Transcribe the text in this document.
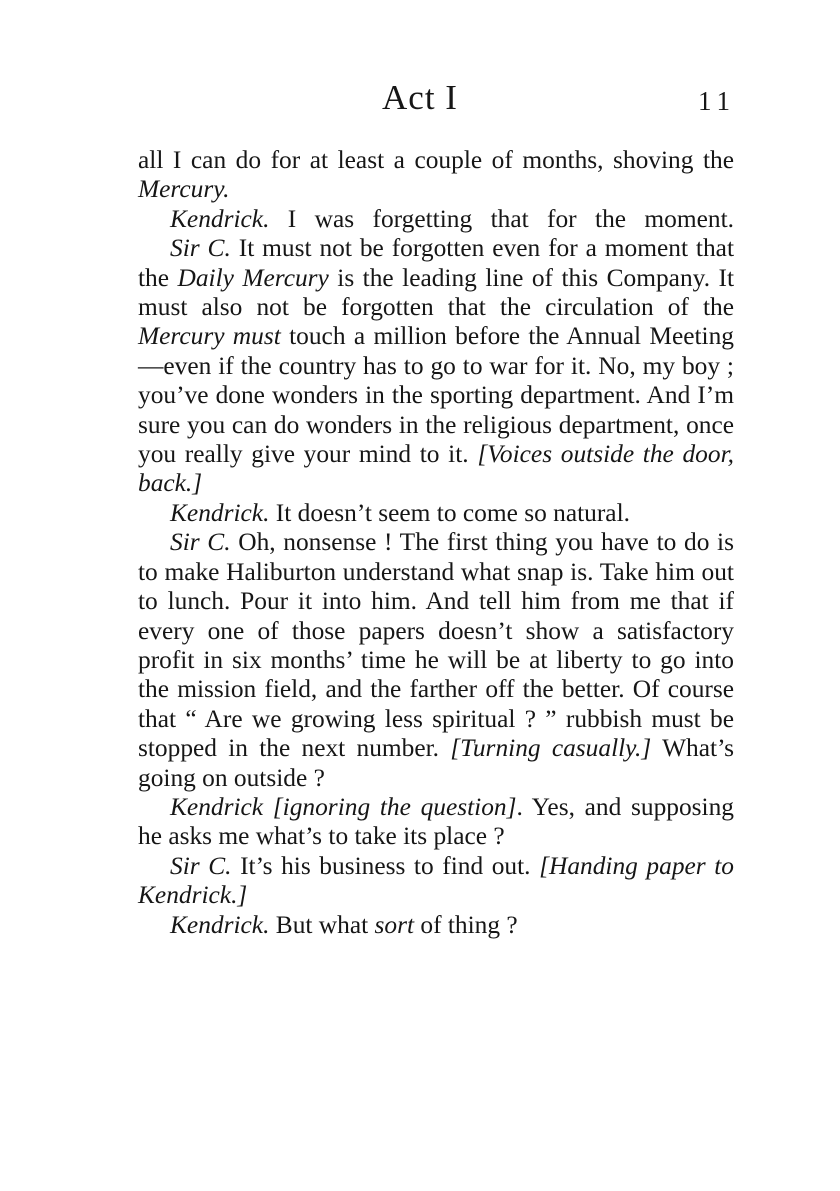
Act I	11

all I can do for at least a couple of months, shoving the Mercury.

Kendrick. I was forgetting that for the moment.

Sir C. It must not be forgotten even for a moment that the Daily Mercury is the leading line of this Company. It must also not be forgotten that the circulation of the Mercury must touch a million before the Annual Meeting —even if the country has to go to war for it. No, my boy ; you’ve done wonders in the sporting department. And I’m sure you can do wonders in the religious department, once you really give your mind to it. [Voices outside the door, back.]

Kendrick. It doesn’t seem to come so natural.

Sir C. Oh, nonsense ! The first thing you have to do is to make Haliburton understand what snap is. Take him out to lunch. Pour it into him. And tell him from me that if every one of those papers doesn’t show a satisfactory profit in six months’ time he will be at liberty to go into the mission field, and the farther off the better. Of course that “ Are we growing less spiritual ? ” rubbish must be stopped in the next number. [Turning casually.] What’s going on outside ?

Kendrick [ignoring the question]. Yes, and supposing he asks me what’s to take its place ?

Sir C. It’s his business to find out. [Handing paper to Kendrick.]

Kendrick. But what sort of thing ?
